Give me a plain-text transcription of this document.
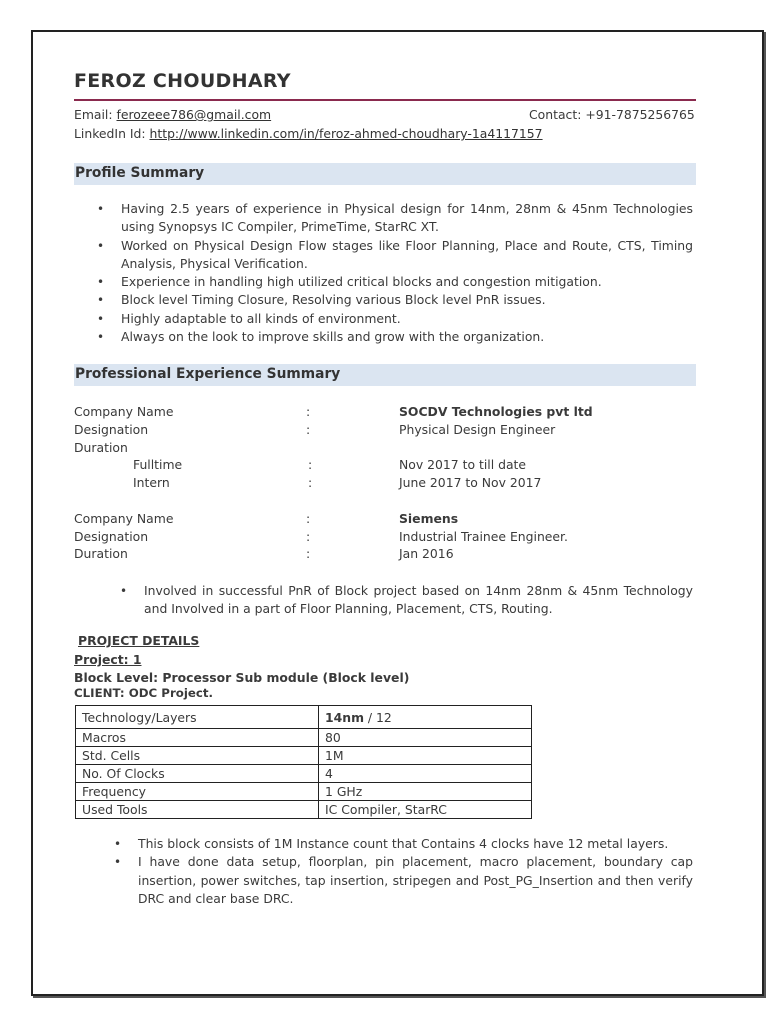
FEROZ CHOUDHARY
Email: ferozeee786@gmail.com	Contact: +91-7875256765
LinkedIn Id: http://www.linkedin.com/in/feroz-ahmed-choudhary-1a4117157
Profile Summary
• Having 2.5 years of experience in Physical design for 14nm, 28nm & 45nm Technologies using Synopsys IC Compiler, PrimeTime, StarRC XT.
• Worked on Physical Design Flow stages like Floor Planning, Place and Route, CTS, Timing Analysis, Physical Verification.
• Experience in handling high utilized critical blocks and congestion mitigation.
• Block level Timing Closure, Resolving various Block level PnR issues.
• Highly adaptable to all kinds of environment.
• Always on the look to improve skills and grow with the organization.
Professional Experience Summary
Company Name	:	SOCDV Technologies pvt ltd
Designation	:	Physical Design Engineer
Duration
Fulltime	:	Nov 2017 to till date
Intern	:	June 2017 to Nov 2017
Company Name	:	Siemens
Designation	:	Industrial Trainee Engineer.
Duration	:	Jan 2016
• Involved in successful PnR of Block project based on 14nm 28nm & 45nm Technology and Involved in a part of Floor Planning, Placement, CTS, Routing.
PROJECT DETAILS
Project: 1
Block Level: Processor Sub module (Block level)
CLIENT: ODC Project.
Technology/Layers	14nm / 12
Macros	80
Std. Cells	1M
No. Of Clocks	4
Frequency	1 GHz
Used Tools	IC Compiler, StarRC
• This block consists of 1M Instance count that Contains 4 clocks have 12 metal layers.
• I have done data setup, floorplan, pin placement, macro placement, boundary cap insertion, power switches, tap insertion, stripegen and Post_PG_Insertion and then verify DRC and clear base DRC.
